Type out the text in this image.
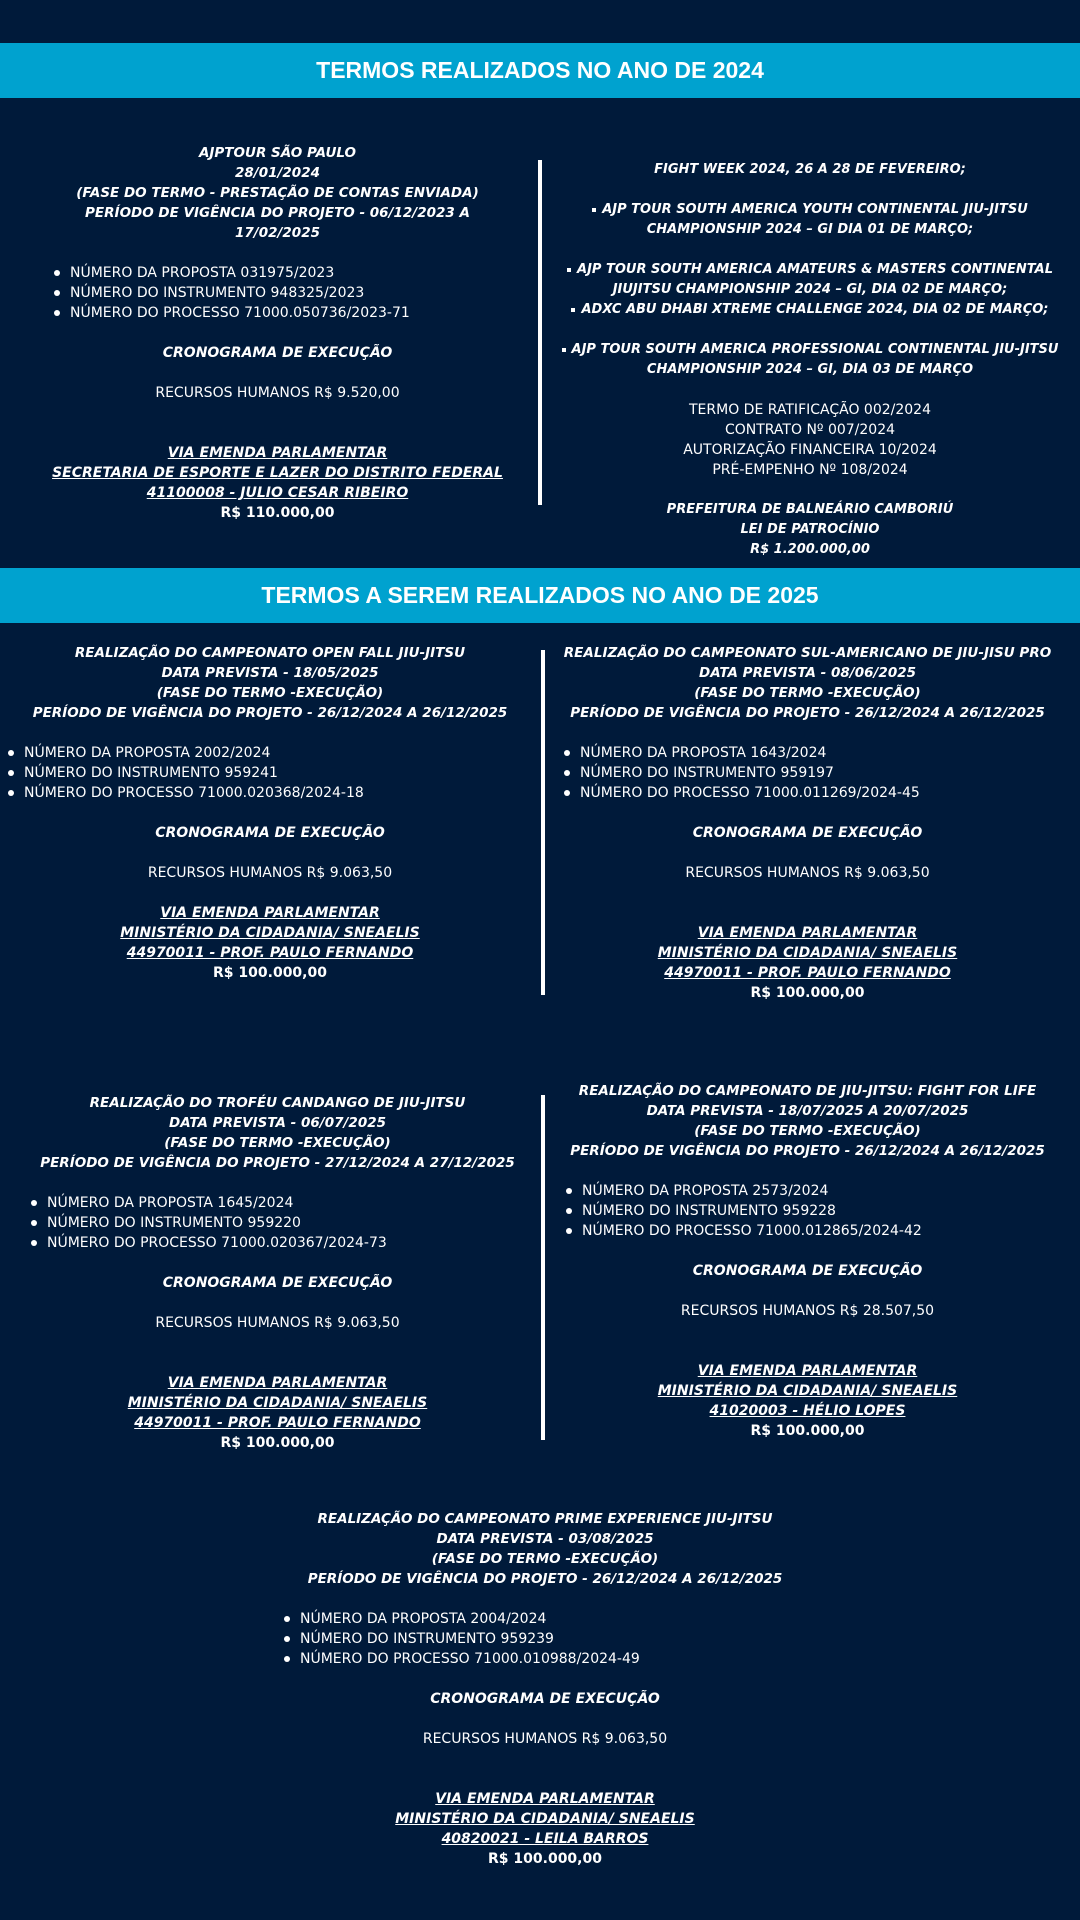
TERMOS REALIZADOS NO ANO DE 2024
AJPTOUR SÃO PAULO
28/01/2024
(FASE DO TERMO - PRESTAÇÃO DE CONTAS ENVIADA)
PERÍODO DE VIGÊNCIA DO PROJETO - 06/12/2023 A
17/02/2025
NÚMERO DA PROPOSTA 031975/2023
NÚMERO DO INSTRUMENTO 948325/2023
NÚMERO DO PROCESSO 71000.050736/2023-71
CRONOGRAMA DE EXECUÇÃO
RECURSOS HUMANOS R$ 9.520,00
VIA EMENDA PARLAMENTAR
SECRETARIA DE ESPORTE E LAZER DO DISTRITO FEDERAL
41100008 - JULIO CESAR RIBEIRO
R$ 110.000,00
FIGHT WEEK 2024, 26 A 28 DE FEVEREIRO;
AJP TOUR SOUTH AMERICA YOUTH CONTINENTAL JIU-JITSU
CHAMPIONSHIP 2024 – GI DIA 01 DE MARÇO;
AJP TOUR SOUTH AMERICA AMATEURS & MASTERS CONTINENTAL
JIUJITSU CHAMPIONSHIP 2024 – GI, DIA 02 DE MARÇO;
ADXC ABU DHABI XTREME CHALLENGE 2024, DIA 02 DE MARÇO;
AJP TOUR SOUTH AMERICA PROFESSIONAL CONTINENTAL JIU-JITSU
CHAMPIONSHIP 2024 – GI, DIA 03 DE MARÇO
TERMO DE RATIFICAÇÃO 002/2024
CONTRATO Nº 007/2024
AUTORIZAÇÃO FINANCEIRA 10/2024
PRÉ-EMPENHO Nº 108/2024
PREFEITURA DE BALNEÁRIO CAMBORIÚ
LEI DE PATROCÍNIO
R$ 1.200.000,00
TERMOS A SEREM REALIZADOS NO ANO DE 2025
REALIZAÇÃO DO CAMPEONATO OPEN FALL JIU-JITSU
DATA PREVISTA - 18/05/2025
(FASE DO TERMO -EXECUÇÃO)
PERÍODO DE VIGÊNCIA DO PROJETO - 26/12/2024 A 26/12/2025
NÚMERO DA PROPOSTA 2002/2024
NÚMERO DO INSTRUMENTO 959241
NÚMERO DO PROCESSO 71000.020368/2024-18
CRONOGRAMA DE EXECUÇÃO
RECURSOS HUMANOS R$ 9.063,50
VIA EMENDA PARLAMENTAR
MINISTÉRIO DA CIDADANIA/ SNEAELIS
44970011 - PROF. PAULO FERNANDO
R$ 100.000,00
REALIZAÇÃO DO CAMPEONATO SUL-AMERICANO DE JIU-JISU PRO
DATA PREVISTA - 08/06/2025
(FASE DO TERMO -EXECUÇÃO)
PERÍODO DE VIGÊNCIA DO PROJETO - 26/12/2024 A 26/12/2025
NÚMERO DA PROPOSTA 1643/2024
NÚMERO DO INSTRUMENTO 959197
NÚMERO DO PROCESSO 71000.011269/2024-45
CRONOGRAMA DE EXECUÇÃO
RECURSOS HUMANOS R$ 9.063,50
VIA EMENDA PARLAMENTAR
MINISTÉRIO DA CIDADANIA/ SNEAELIS
44970011 - PROF. PAULO FERNANDO
R$ 100.000,00
REALIZAÇÃO DO TROFÉU CANDANGO DE JIU-JITSU
DATA PREVISTA - 06/07/2025
(FASE DO TERMO -EXECUÇÃO)
PERÍODO DE VIGÊNCIA DO PROJETO - 27/12/2024 A 27/12/2025
NÚMERO DA PROPOSTA 1645/2024
NÚMERO DO INSTRUMENTO 959220
NÚMERO DO PROCESSO 71000.020367/2024-73
CRONOGRAMA DE EXECUÇÃO
RECURSOS HUMANOS R$ 9.063,50
VIA EMENDA PARLAMENTAR
MINISTÉRIO DA CIDADANIA/ SNEAELIS
44970011 - PROF. PAULO FERNANDO
R$ 100.000,00
REALIZAÇÃO DO CAMPEONATO DE JIU-JITSU: FIGHT FOR LIFE
DATA PREVISTA - 18/07/2025 A 20/07/2025
(FASE DO TERMO -EXECUÇÃO)
PERÍODO DE VIGÊNCIA DO PROJETO - 26/12/2024 A 26/12/2025
NÚMERO DA PROPOSTA 2573/2024
NÚMERO DO INSTRUMENTO 959228
NÚMERO DO PROCESSO 71000.012865/2024-42
CRONOGRAMA DE EXECUÇÃO
RECURSOS HUMANOS R$ 28.507,50
VIA EMENDA PARLAMENTAR
MINISTÉRIO DA CIDADANIA/ SNEAELIS
41020003 - HÉLIO LOPES
R$ 100.000,00
REALIZAÇÃO DO CAMPEONATO PRIME EXPERIENCE JIU-JITSU
DATA PREVISTA - 03/08/2025
(FASE DO TERMO -EXECUÇÃO)
PERÍODO DE VIGÊNCIA DO PROJETO - 26/12/2024 A 26/12/2025
NÚMERO DA PROPOSTA 2004/2024
NÚMERO DO INSTRUMENTO 959239
NÚMERO DO PROCESSO 71000.010988/2024-49
CRONOGRAMA DE EXECUÇÃO
RECURSOS HUMANOS R$ 9.063,50
VIA EMENDA PARLAMENTAR
MINISTÉRIO DA CIDADANIA/ SNEAELIS
40820021 - LEILA BARROS
R$ 100.000,00
